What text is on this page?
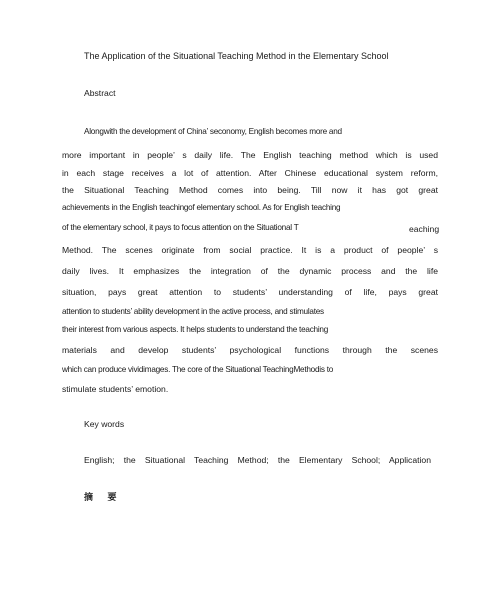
The Application of the Situational Teaching Method in the Elementary School
Abstract
Alongwith the development of China’ seconomy, English becomes more and
more important in people’ s daily life. The English teaching method which is used
in each stage receives a lot of attention. After Chinese educational system reform,
the Situational Teaching Method comes into being. Till now it has got great
achievements in the English teachingof elementary school. As for English teaching
of the elementary school, it pays to focus attention on the Situational T	eaching
Method. The scenes originate from social practice. It is a product of people’ s
daily lives. It emphasizes the integration of the dynamic process and the life
situation, pays great attention to students’ understanding of life, pays great
attention to students’ ability development in the active process, and stimulates
their interest from various aspects. It helps students to understand the teaching
materials and develop students’ psychological functions through the scenes
which can produce vividimages. The core of the Situational TeachingMethodis to
stimulate students’ emotion.
Key words
English; the Situational Teaching Method; the Elementary School; Application
摘 要
